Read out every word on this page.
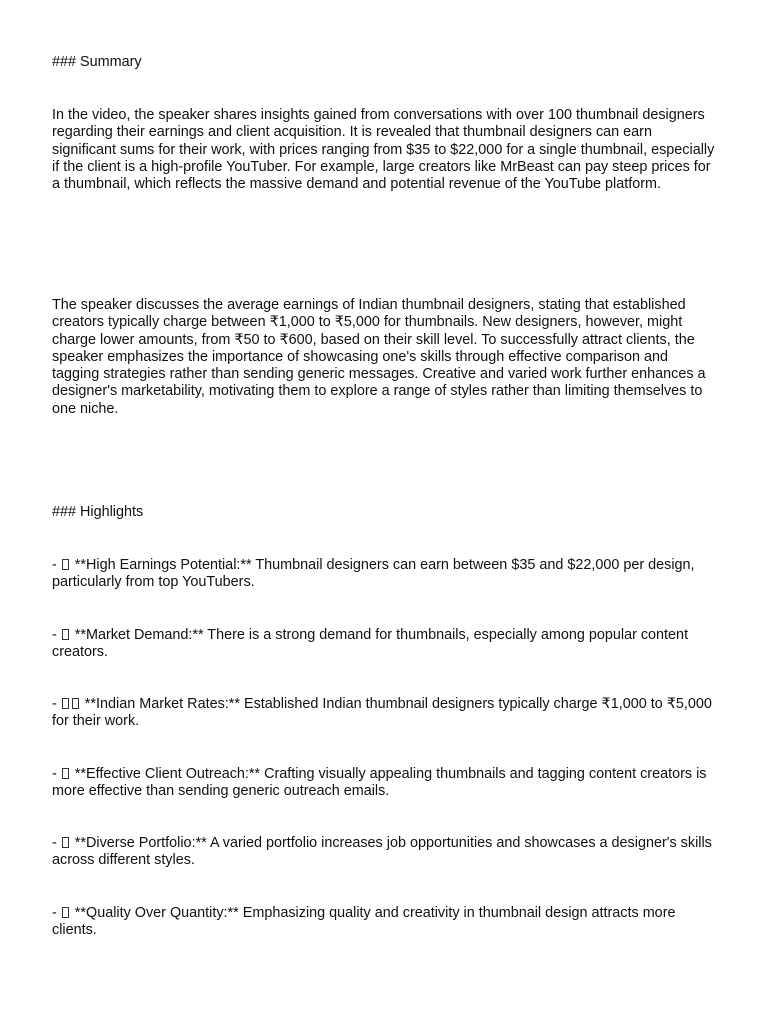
### Summary

In the video, the speaker shares insights gained from conversations with over 100 thumbnail designers regarding their earnings and client acquisition. It is revealed that thumbnail designers can earn significant sums for their work, with prices ranging from $35 to $22,000 for a single thumbnail, especially if the client is a high-profile YouTuber. For example, large creators like MrBeast can pay steep prices for a thumbnail, which reflects the massive demand and potential revenue of the YouTube platform.

The speaker discusses the average earnings of Indian thumbnail designers, stating that established creators typically charge between ₹1,000 to ₹5,000 for thumbnails. New designers, however, might charge lower amounts, from ₹50 to ₹600, based on their skill level. To successfully attract clients, the speaker emphasizes the importance of showcasing one's skills through effective comparison and tagging strategies rather than sending generic messages. Creative and varied work further enhances a designer's marketability, motivating them to explore a range of styles rather than limiting themselves to one niche.

### Highlights

-  **High Earnings Potential:** Thumbnail designers can earn between $35 and $22,000 per design, particularly from top YouTubers.

-  **Market Demand:** There is a strong demand for thumbnails, especially among popular content creators.

-  **Indian Market Rates:** Established Indian thumbnail designers typically charge ₹1,000 to ₹5,000 for their work.

-  **Effective Client Outreach:** Crafting visually appealing thumbnails and tagging content creators is more effective than sending generic outreach emails.

-  **Diverse Portfolio:** A varied portfolio increases job opportunities and showcases a designer's skills across different styles.

-  **Quality Over Quantity:** Emphasizing quality and creativity in thumbnail design attracts more clients.
